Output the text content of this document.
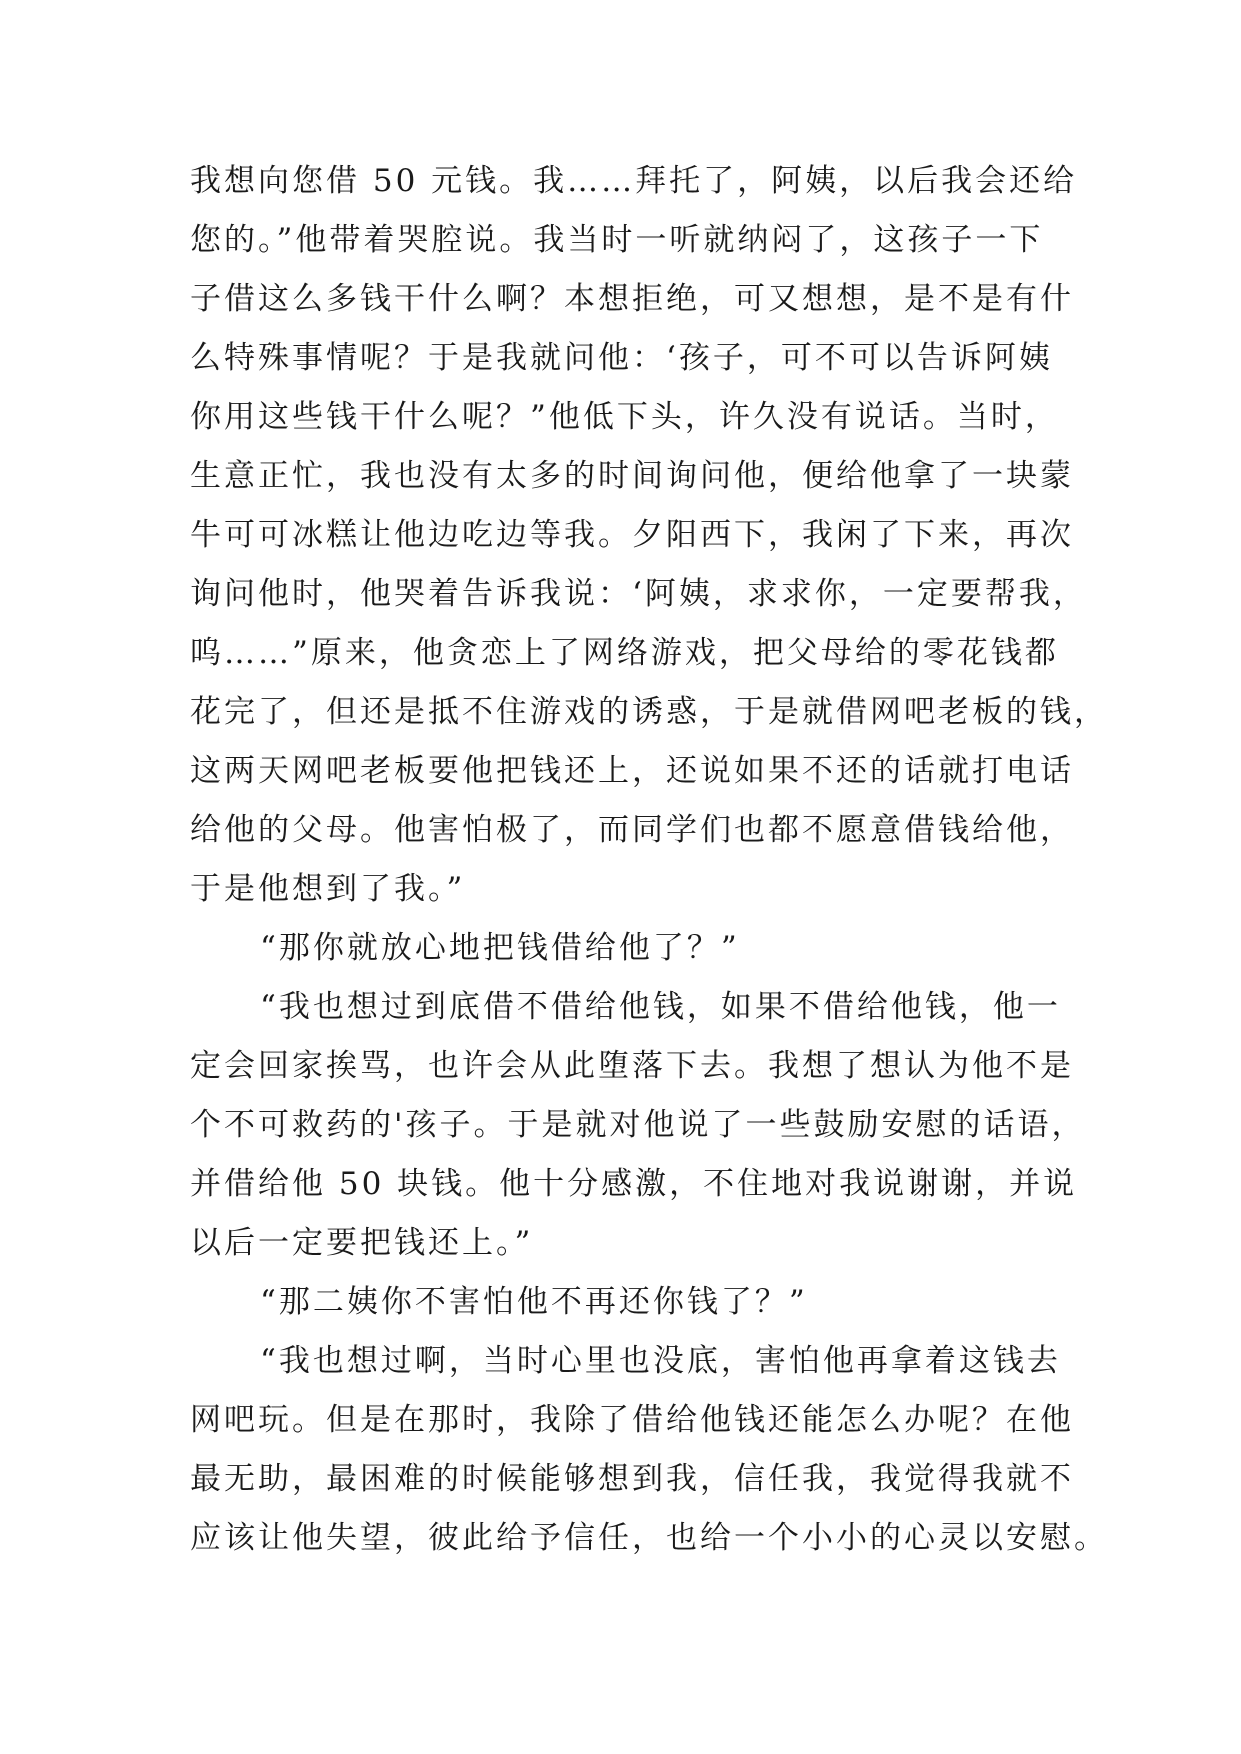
我想向您借 50 元钱。我……拜托了，阿姨，以后我会还给
您的。”他带着哭腔说。我当时一听就纳闷了，这孩子一下
子借这么多钱干什么啊？本想拒绝，可又想想，是不是有什
么特殊事情呢？于是我就问他：‘孩子，可不可以告诉阿姨
你用这些钱干什么呢？”他低下头，许久没有说话。当时，
生意正忙，我也没有太多的时间询问他，便给他拿了一块蒙
牛可可冰糕让他边吃边等我。夕阳西下，我闲了下来，再次
询问他时，他哭着告诉我说：‘阿姨，求求你，一定要帮我，
呜……”原来，他贪恋上了网络游戏，把父母给的零花钱都
花完了，但还是抵不住游戏的诱惑，于是就借网吧老板的钱，
这两天网吧老板要他把钱还上，还说如果不还的话就打电话
给他的父母。他害怕极了，而同学们也都不愿意借钱给他，
于是他想到了我。”
“那你就放心地把钱借给他了？”
“我也想过到底借不借给他钱，如果不借给他钱，他一
定会回家挨骂，也许会从此堕落下去。我想了想认为他不是
个不可救药的'孩子。于是就对他说了一些鼓励安慰的话语，
并借给他 50 块钱。他十分感激，不住地对我说谢谢，并说
以后一定要把钱还上。”
“那二姨你不害怕他不再还你钱了？”
“我也想过啊，当时心里也没底，害怕他再拿着这钱去
网吧玩。但是在那时，我除了借给他钱还能怎么办呢？在他
最无助，最困难的时候能够想到我，信任我，我觉得我就不
应该让他失望，彼此给予信任，也给一个小小的心灵以安慰。
